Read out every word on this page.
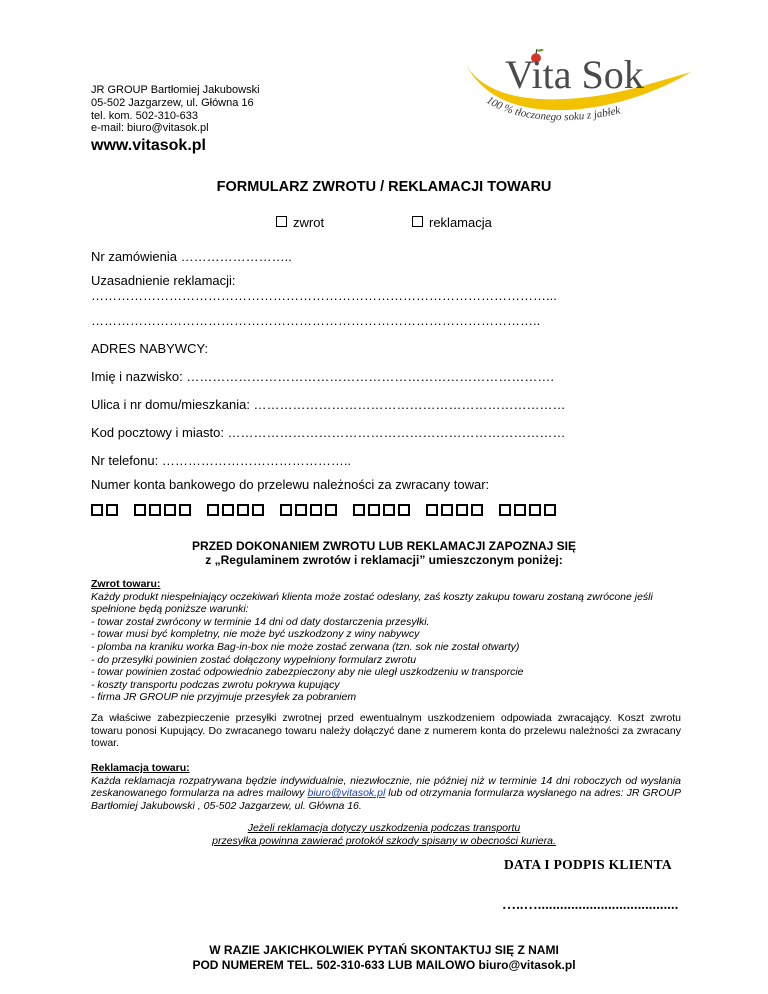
JR GROUP Bartłomiej Jakubowski
05-502 Jazgarzew, ul. Główna 16
tel. kom. 502-310-633
e-mail: biuro@vitasok.pl
www.vitasok.pl
Vita Sok
100 % tłoczonego soku z jabłek
FORMULARZ ZWROTU / REKLAMACJI TOWARU
zwrot	reklamacja
Nr zamówienia ……………………..
Uzasadnienie reklamacji:
……………………………………………………………………………………………...
…………………………………………………………………………………………..
ADRES NABYWCY:
Imię i nazwisko: ………………………………………………………………………….
Ulica i nr domu/mieszkania: ………………………………………………………………
Kod pocztowy i miasto: ……………………………………………………………………
Nr telefonu: ……………………………………..
Numer konta bankowego do przelewu należności za zwracany towar:
PRZED DOKONANIEM ZWROTU LUB REKLAMACJI ZAPOZNAJ SIĘ
z „Regulaminem zwrotów i reklamacji” umieszczonym poniżej:
Zwrot towaru:
Każdy produkt niespełniający oczekiwań klienta może zostać odesłany, zaś koszty zakupu towaru zostaną zwrócone jeśli spełnione będą poniższe warunki:
- towar został zwrócony w terminie 14 dni od daty dostarczenia przesyłki.
- towar musi być kompletny, nie może być uszkodzony z winy nabywcy
- plomba na kraniku worka Bag-in-box nie może zostać zerwana (tzn. sok nie został otwarty)
- do przesyłki powinien zostać dołączony wypełniony formularz zwrotu
- towar powinien zostać odpowiednio zabezpieczony aby nie uległ uszkodzeniu w transporcie
- koszty transportu podczas zwrotu pokrywa kupujący
- firma JR GROUP nie przyjmuje przesyłek za pobraniem
Za właściwe zabezpieczenie przesyłki zwrotnej przed ewentualnym uszkodzeniem odpowiada zwracający. Koszt zwrotu towaru ponosi Kupujący. Do zwracanego towaru należy dołączyć dane z numerem konta do przelewu należności za zwracany towar.
Reklamacja towaru:
Każda reklamacja rozpatrywana będzie indywidualnie, niezwłocznie, nie później niż w terminie 14 dni roboczych od wysłania zeskanowanego formularza na adres mailowy biuro@vitasok.pl lub od otrzymania formularza wysłanego na adres: JR GROUP Bartłomiej Jakubowski , 05-502 Jazgarzew, ul. Główna 16.
Jeżeli reklamacja dotyczy uszkodzenia podczas transportu
przesyłka powinna zawierać protokół szkody spisany w obecności kuriera.
DATA I PODPIS KLIENTA
…..…......................................
W RAZIE JAKICHKOLWIEK PYTAŃ SKONTAKTUJ SIĘ Z NAMI
POD NUMEREM TEL. 502-310-633 LUB MAILOWO biuro@vitasok.pl
